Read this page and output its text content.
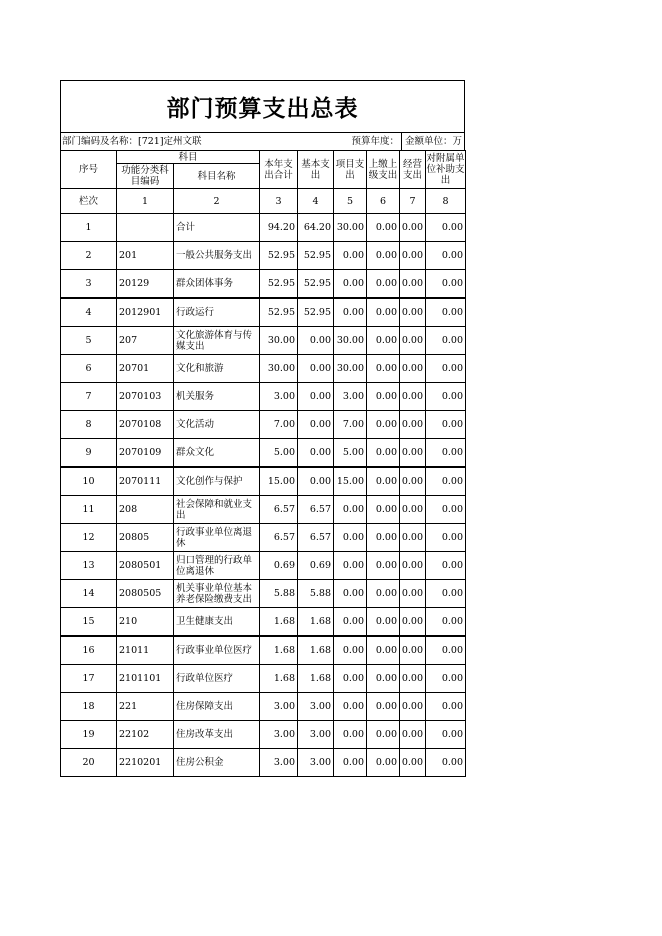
部门预算支出总表
部门编码及名称：[721]定州文联	预算年度： 金额单位：万
序号	科目		本年支出合计	基本支出	项目支出	上缴上级支出	经营支出	对附属单位补助支出
	功能分类科目编码	科目名称						
栏次	1	2	3	4	5	6	7	8
1		合计	94.20	64.20	30.00	0.00	0.00	0.00
2	201	一般公共服务支出	52.95	52.95	0.00	0.00	0.00	0.00
3	20129	群众团体事务	52.95	52.95	0.00	0.00	0.00	0.00
4	2012901	行政运行	52.95	52.95	0.00	0.00	0.00	0.00
5	207	文化旅游体育与传媒支出	30.00	0.00	30.00	0.00	0.00	0.00
6	20701	文化和旅游	30.00	0.00	30.00	0.00	0.00	0.00
7	2070103	机关服务	3.00	0.00	3.00	0.00	0.00	0.00
8	2070108	文化活动	7.00	0.00	7.00	0.00	0.00	0.00
9	2070109	群众文化	5.00	0.00	5.00	0.00	0.00	0.00
10	2070111	文化创作与保护	15.00	0.00	15.00	0.00	0.00	0.00
11	208	社会保障和就业支出	6.57	6.57	0.00	0.00	0.00	0.00
12	20805	行政事业单位离退休	6.57	6.57	0.00	0.00	0.00	0.00
13	2080501	归口管理的行政单位离退休	0.69	0.69	0.00	0.00	0.00	0.00
14	2080505	机关事业单位基本养老保险缴费支出	5.88	5.88	0.00	0.00	0.00	0.00
15	210	卫生健康支出	1.68	1.68	0.00	0.00	0.00	0.00
16	21011	行政事业单位医疗	1.68	1.68	0.00	0.00	0.00	0.00
17	2101101	行政单位医疗	1.68	1.68	0.00	0.00	0.00	0.00
18	221	住房保障支出	3.00	3.00	0.00	0.00	0.00	0.00
19	22102	住房改革支出	3.00	3.00	0.00	0.00	0.00	0.00
20	2210201	住房公积金	3.00	3.00	0.00	0.00	0.00	0.00
